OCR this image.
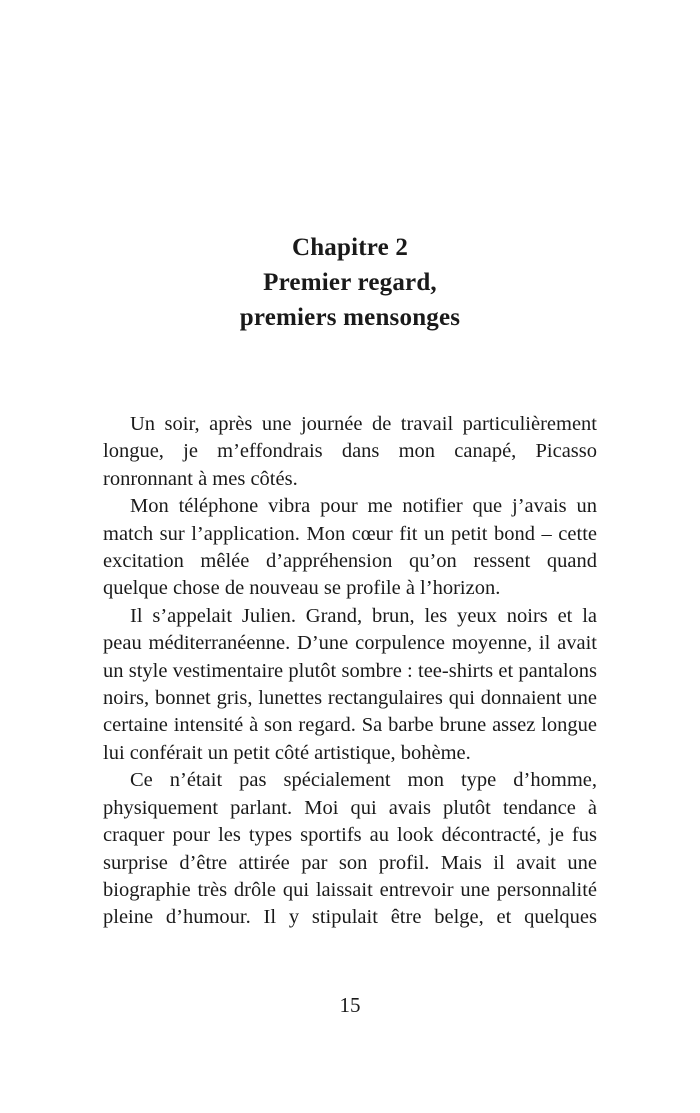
Chapitre 2
Premier regard,
premiers mensonges

Un soir, après une journée de travail particulièrement longue, je m’effondrais dans mon canapé, Picasso ronronnant à mes côtés.

Mon téléphone vibra pour me notifier que j’avais un match sur l’application. Mon cœur fit un petit bond – cette excitation mêlée d’appréhension qu’on ressent quand quelque chose de nouveau se profile à l’horizon.

Il s’appelait Julien. Grand, brun, les yeux noirs et la peau méditerranéenne. D’une corpulence moyenne, il avait un style vestimentaire plutôt sombre : tee-shirts et pantalons noirs, bonnet gris, lunettes rectangulaires qui donnaient une certaine intensité à son regard. Sa barbe brune assez longue lui conférait un petit côté artistique, bohème.

Ce n’était pas spécialement mon type d’homme, physiquement parlant. Moi qui avais plutôt tendance à craquer pour les types sportifs au look décontracté, je fus surprise d’être attirée par son profil. Mais il avait une biographie très drôle qui laissait entrevoir une personnalité pleine d’humour. Il y stipulait être belge, et quelques

15
